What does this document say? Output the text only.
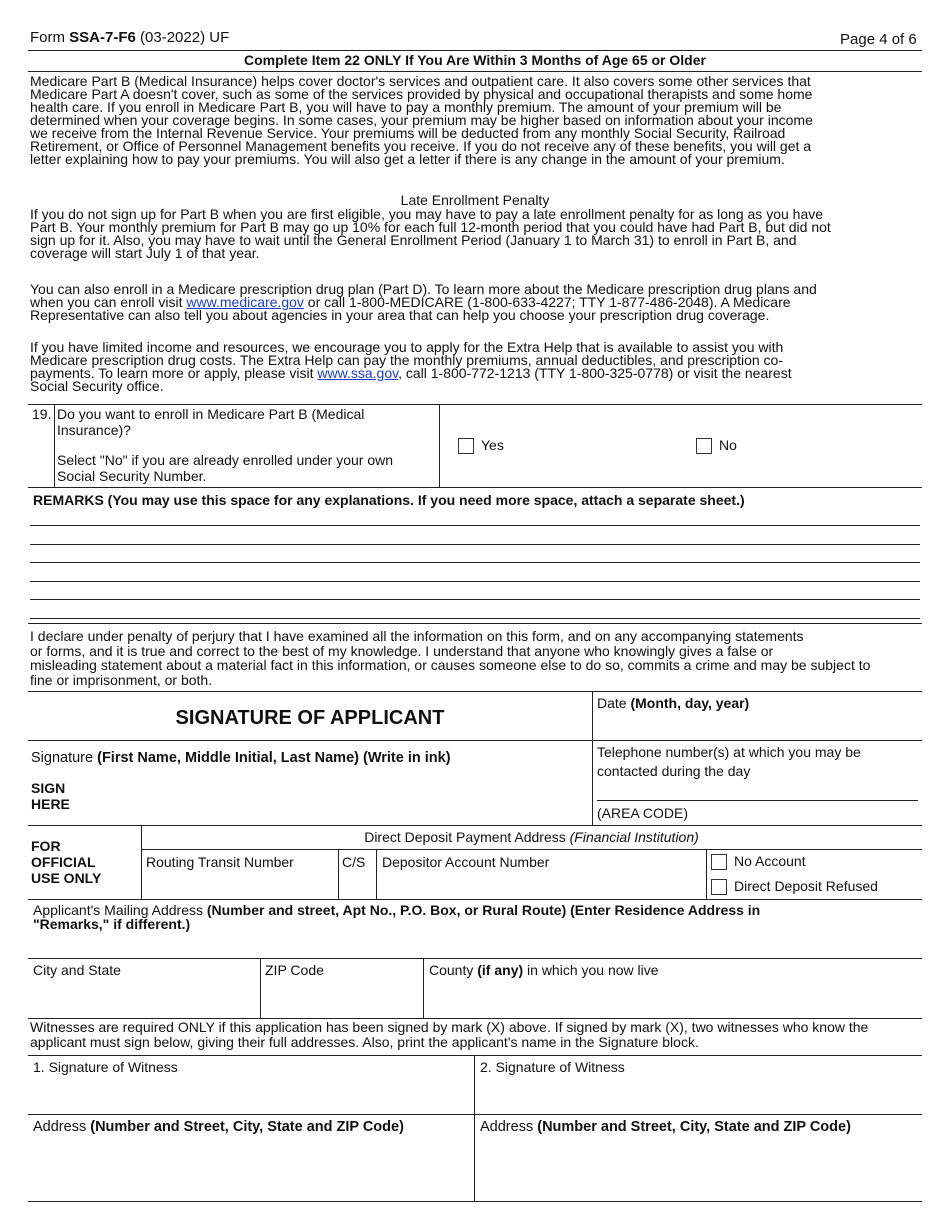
Form SSA-7-F6 (03-2022) UF	Page 4 of 6
Complete Item 22 ONLY If You Are Within 3 Months of Age 65 or Older
Medicare Part B (Medical Insurance) helps cover doctor's services and outpatient care. It also covers some other services that
Medicare Part A doesn't cover, such as some of the services provided by physical and occupational therapists and some home
health care. If you enroll in Medicare Part B, you will have to pay a monthly premium. The amount of your premium will be
determined when your coverage begins. In some cases, your premium may be higher based on information about your income
we receive from the Internal Revenue Service. Your premiums will be deducted from any monthly Social Security, Railroad
Retirement, or Office of Personnel Management benefits you receive. If you do not receive any of these benefits, you will get a
letter explaining how to pay your premiums. You will also get a letter if there is any change in the amount of your premium.
Late Enrollment Penalty
If you do not sign up for Part B when you are first eligible, you may have to pay a late enrollment penalty for as long as you have
Part B. Your monthly premium for Part B may go up 10% for each full 12-month period that you could have had Part B, but did not
sign up for it. Also, you may have to wait until the General Enrollment Period (January 1 to March 31) to enroll in Part B, and
coverage will start July 1 of that year.
You can also enroll in a Medicare prescription drug plan (Part D). To learn more about the Medicare prescription drug plans and
when you can enroll visit www.medicare.gov or call 1-800-MEDICARE (1-800-633-4227; TTY 1-877-486-2048). A Medicare
Representative can also tell you about agencies in your area that can help you choose your prescription drug coverage.
If you have limited income and resources, we encourage you to apply for the Extra Help that is available to assist you with
Medicare prescription drug costs. The Extra Help can pay the monthly premiums, annual deductibles, and prescription co-
payments. To learn more or apply, please visit www.ssa.gov, call 1-800-772-1213 (TTY 1-800-325-0778) or visit the nearest
Social Security office.
19. Do you want to enroll in Medicare Part B (Medical
Insurance)?
Select "No" if you are already enrolled under your own
Social Security Number.
Yes	No
REMARKS (You may use this space for any explanations. If you need more space, attach a separate sheet.)
I declare under penalty of perjury that I have examined all the information on this form, and on any accompanying statements
or forms, and it is true and correct to the best of my knowledge. I understand that anyone who knowingly gives a false or
misleading statement about a material fact in this information, or causes someone else to do so, commits a crime and may be subject to
fine or imprisonment, or both.
SIGNATURE OF APPLICANT
Date (Month, day, year)
Signature (First Name, Middle Initial, Last Name) (Write in ink)
SIGN
HERE
Telephone number(s) at which you may be
contacted during the day
(AREA CODE)
FOR
OFFICIAL
USE ONLY
Direct Deposit Payment Address (Financial Institution)
Routing Transit Number	C/S Depositor Account Number	No Account
Direct Deposit Refused
Applicant's Mailing Address (Number and street, Apt No., P.O. Box, or Rural Route) (Enter Residence Address in
"Remarks," if different.)
City and State	ZIP Code	County (if any) in which you now live
Witnesses are required ONLY if this application has been signed by mark (X) above. If signed by mark (X), two witnesses who know the
applicant must sign below, giving their full addresses. Also, print the applicant's name in the Signature block.
1. Signature of Witness	2. Signature of Witness
Address (Number and Street, City, State and ZIP Code)	Address (Number and Street, City, State and ZIP Code)
